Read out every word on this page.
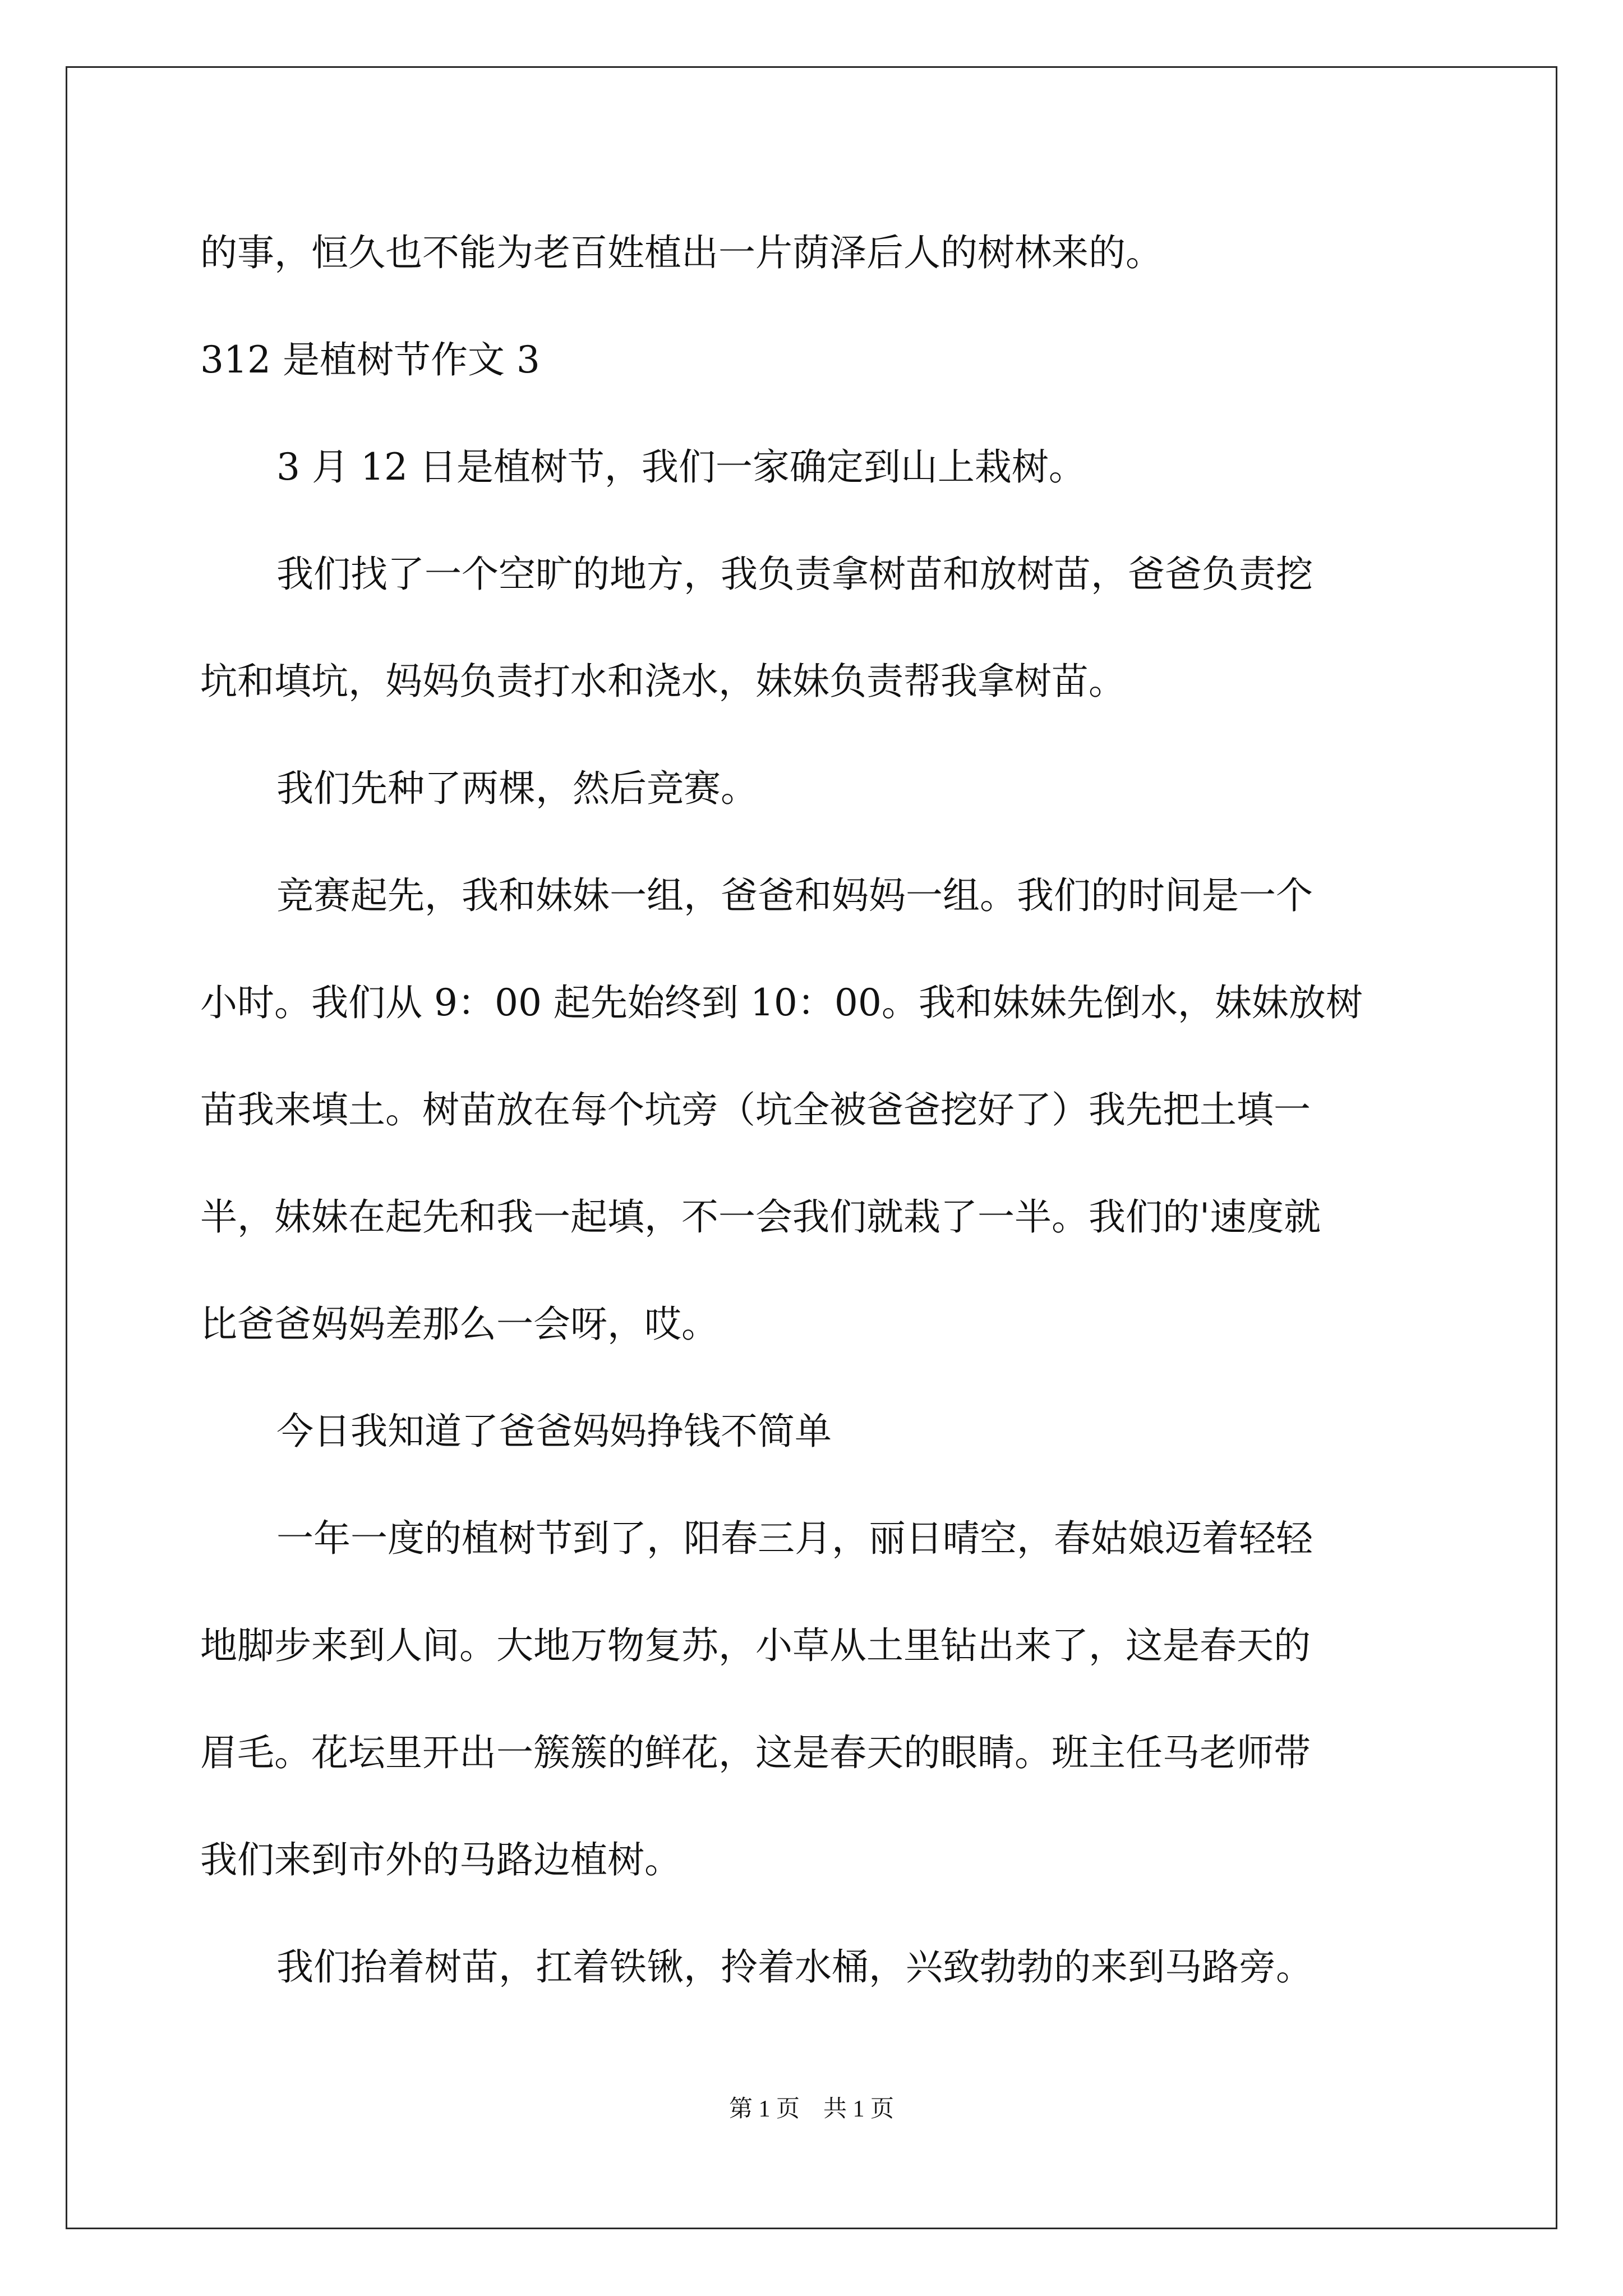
的事，恒久也不能为老百姓植出一片荫泽后人的树林来的。
312 是植树节作文 3
3 月 12 日是植树节，我们一家确定到山上栽树。
我们找了一个空旷的地方，我负责拿树苗和放树苗，爸爸负责挖
坑和填坑，妈妈负责打水和浇水，妹妹负责帮我拿树苗。
我们先种了两棵，然后竞赛。
竞赛起先，我和妹妹一组，爸爸和妈妈一组。我们的时间是一个
小时。我们从 9：00 起先始终到 10：00。我和妹妹先倒水，妹妹放树
苗我来填土。树苗放在每个坑旁（坑全被爸爸挖好了）我先把土填一
半，妹妹在起先和我一起填，不一会我们就栽了一半。我们的'速度就
比爸爸妈妈差那么一会呀，哎。
今日我知道了爸爸妈妈挣钱不简单
一年一度的植树节到了，阳春三月，丽日晴空，春姑娘迈着轻轻
地脚步来到人间。大地万物复苏，小草从土里钻出来了，这是春天的
眉毛。花坛里开出一簇簇的鲜花，这是春天的眼睛。班主任马老师带
我们来到市外的马路边植树。
我们抬着树苗，扛着铁锹，拎着水桶，兴致勃勃的来到马路旁。
第 1 页　共 1 页
